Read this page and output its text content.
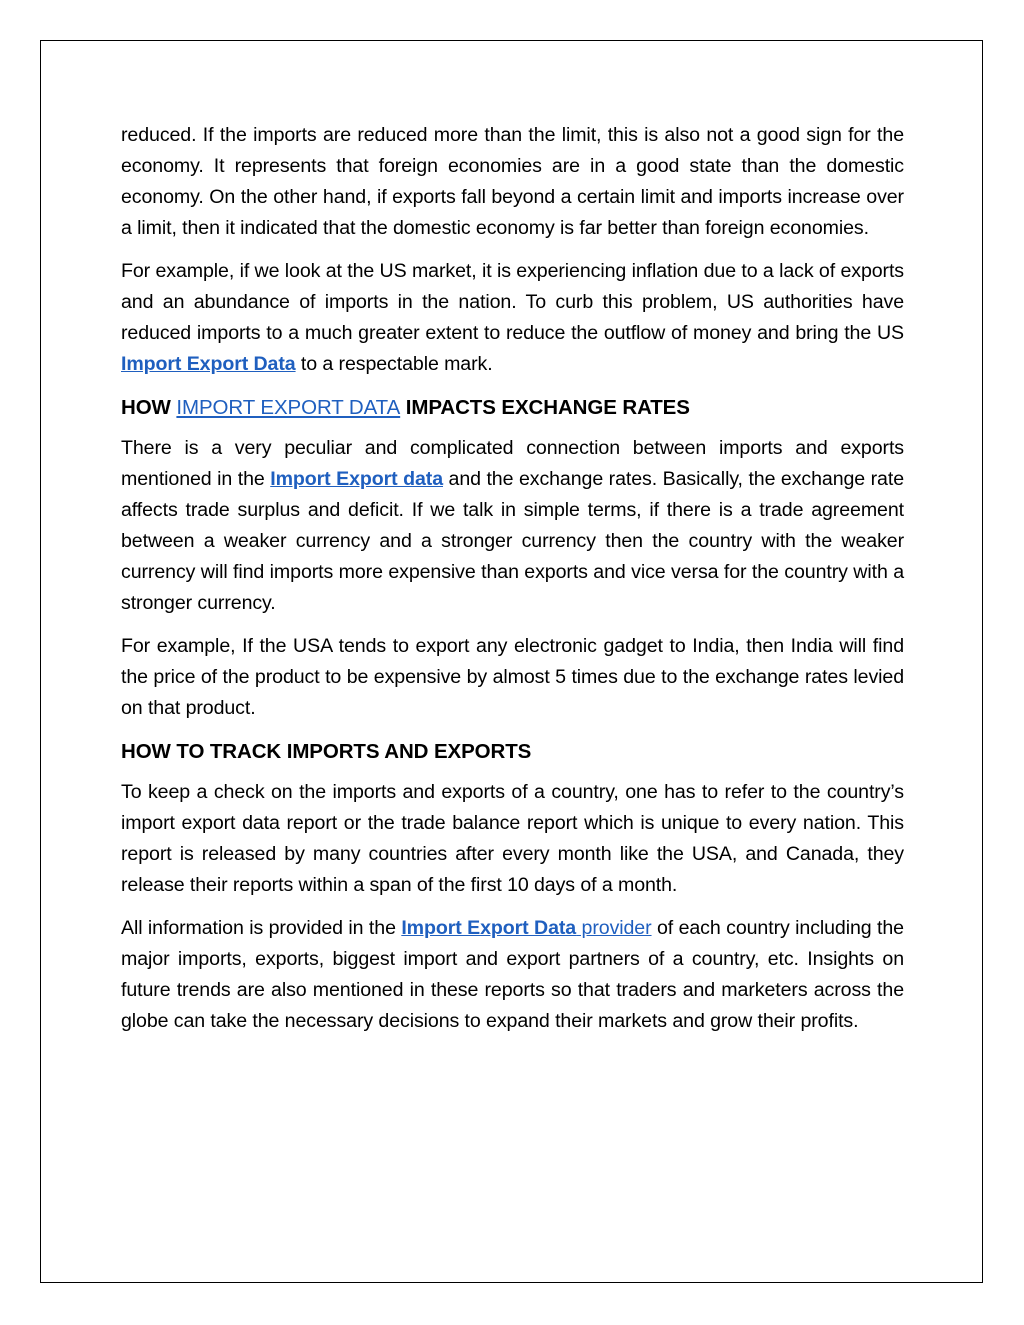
reduced. If the imports are reduced more than the limit, this is also not a good sign for the economy. It represents that foreign economies are in a good state than the domestic economy. On the other hand, if exports fall beyond a certain limit and imports increase over a limit, then it indicated that the domestic economy is far better than foreign economies.

For example, if we look at the US market, it is experiencing inflation due to a lack of exports and an abundance of imports in the nation. To curb this problem, US authorities have reduced imports to a much greater extent to reduce the outflow of money and bring the US Import Export Data to a respectable mark.

HOW IMPORT EXPORT DATA IMPACTS EXCHANGE RATES

There is a very peculiar and complicated connection between imports and exports mentioned in the Import Export data and the exchange rates. Basically, the exchange rate affects trade surplus and deficit. If we talk in simple terms, if there is a trade agreement between a weaker currency and a stronger currency then the country with the weaker currency will find imports more expensive than exports and vice versa for the country with a stronger currency.

For example, If the USA tends to export any electronic gadget to India, then India will find the price of the product to be expensive by almost 5 times due to the exchange rates levied on that product.

HOW TO TRACK IMPORTS AND EXPORTS

To keep a check on the imports and exports of a country, one has to refer to the country’s import export data report or the trade balance report which is unique to every nation. This report is released by many countries after every month like the USA, and Canada, they release their reports within a span of the first 10 days of a month.

All information is provided in the Import Export Data provider of each country including the major imports, exports, biggest import and export partners of a country, etc. Insights on future trends are also mentioned in these reports so that traders and marketers across the globe can take the necessary decisions to expand their markets and grow their profits.
